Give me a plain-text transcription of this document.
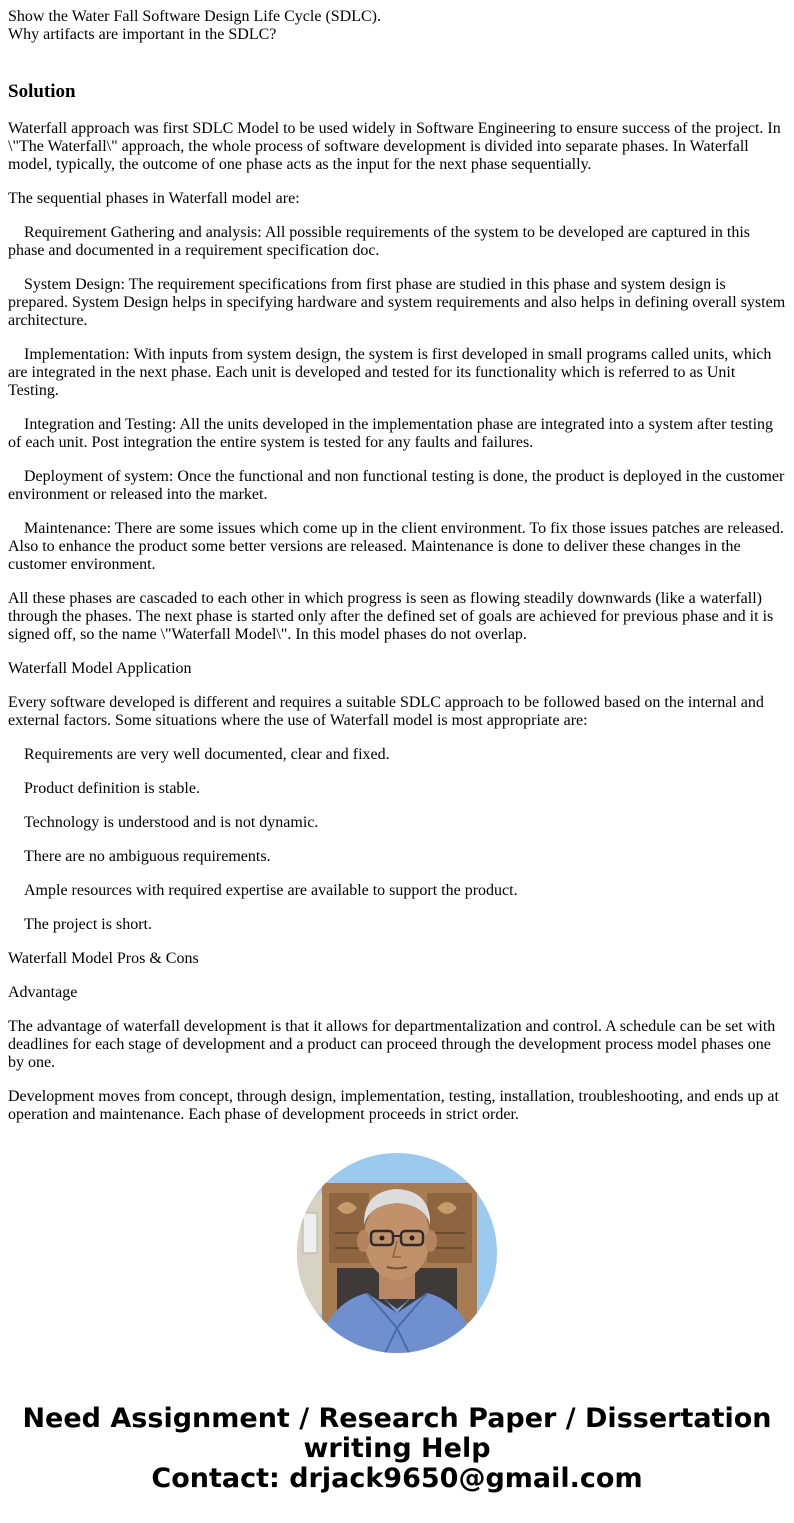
Show the Water Fall Software Design Life Cycle (SDLC).

Why artifacts are important in the SDLC?

Solution

Waterfall approach was first SDLC Model to be used widely in Software Engineering to ensure success of the project. In \"The Waterfall\" approach, the whole process of software development is divided into separate phases. In Waterfall model, typically, the outcome of one phase acts as the input for the next phase sequentially.

The sequential phases in Waterfall model are:

Requirement Gathering and analysis: All possible requirements of the system to be developed are captured in this phase and documented in a requirement specification doc.

System Design: The requirement specifications from first phase are studied in this phase and system design is prepared. System Design helps in specifying hardware and system requirements and also helps in defining overall system architecture.

Implementation: With inputs from system design, the system is first developed in small programs called units, which are integrated in the next phase. Each unit is developed and tested for its functionality which is referred to as Unit Testing.

Integration and Testing: All the units developed in the implementation phase are integrated into a system after testing of each unit. Post integration the entire system is tested for any faults and failures.

Deployment of system: Once the functional and non functional testing is done, the product is deployed in the customer environment or released into the market.

Maintenance: There are some issues which come up in the client environment. To fix those issues patches are released. Also to enhance the product some better versions are released. Maintenance is done to deliver these changes in the customer environment.

All these phases are cascaded to each other in which progress is seen as flowing steadily downwards (like a waterfall) through the phases. The next phase is started only after the defined set of goals are achieved for previous phase and it is signed off, so the name \"Waterfall Model\". In this model phases do not overlap.

Waterfall Model Application

Every software developed is different and requires a suitable SDLC approach to be followed based on the internal and external factors. Some situations where the use of Waterfall model is most appropriate are:

Requirements are very well documented, clear and fixed.

Product definition is stable.

Technology is understood and is not dynamic.

There are no ambiguous requirements.

Ample resources with required expertise are available to support the product.

The project is short.

Waterfall Model Pros & Cons

Advantage

The advantage of waterfall development is that it allows for departmentalization and control. A schedule can be set with deadlines for each stage of development and a product can proceed through the development process model phases one by one.

Development moves from concept, through design, implementation, testing, installation, troubleshooting, and ends up at operation and maintenance. Each phase of development proceeds in strict order.

Need Assignment / Research Paper / Dissertation

writing Help

Contact: drjack9650@gmail.com
